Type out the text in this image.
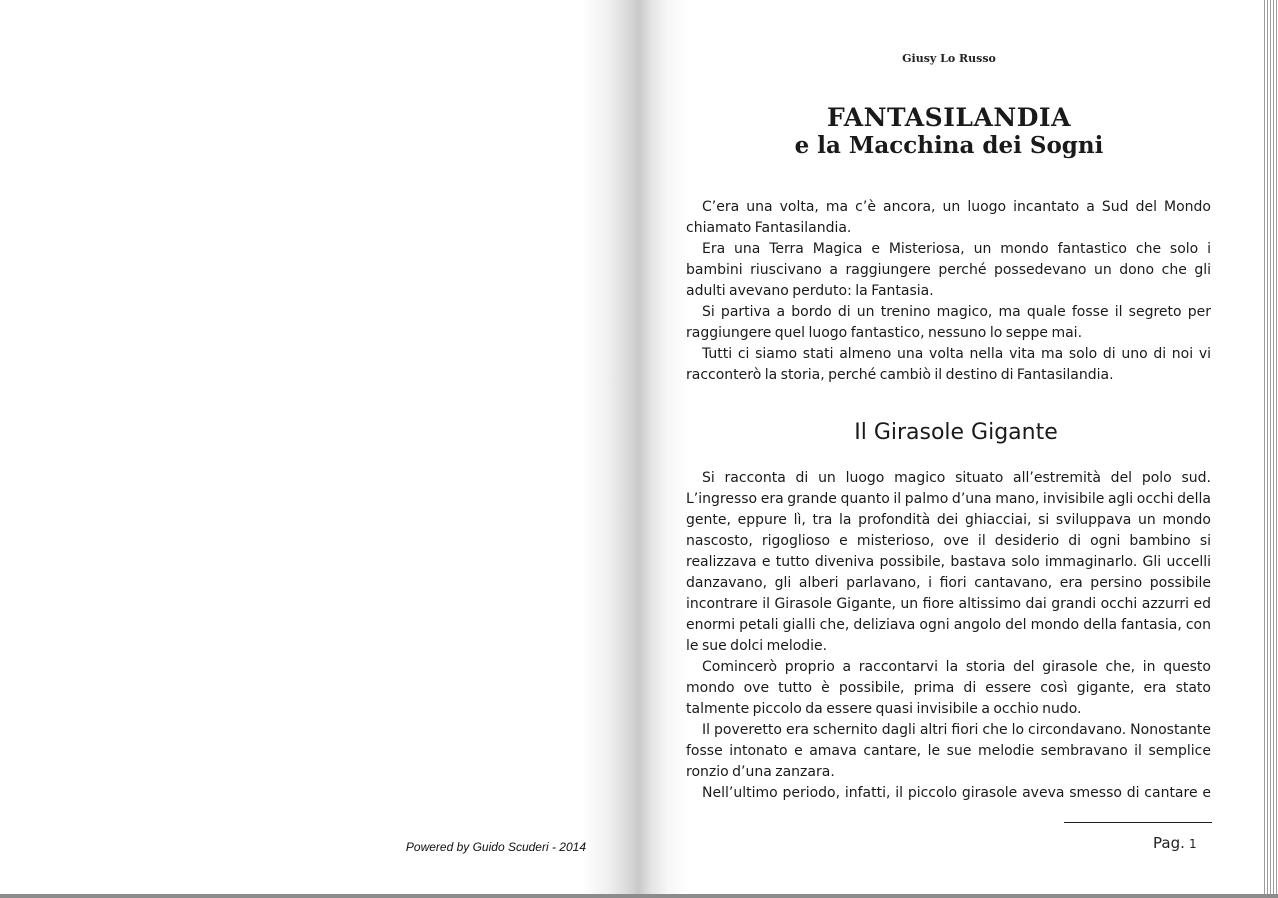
Powered by Guido Scuderi - 2014
Giusy Lo Russo
FANTASILANDIA
e la Macchina dei Sogni

C’era una volta, ma c’è ancora, un luogo incantato a Sud del Mondo chiamato Fantasilandia.

Era una Terra Magica e Misteriosa, un mondo fantastico che solo i bambini riuscivano a raggiungere perché possedevano un dono che gli adulti avevano perduto: la Fantasia.

Si partiva a bordo di un trenino magico, ma quale fosse il segreto per raggiungere quel luogo fantastico, nessuno lo seppe mai.

Tutti ci siamo stati almeno una volta nella vita ma solo di uno di noi vi racconterò la storia, perché cambiò il destino di Fantasilandia.

Il Girasole Gigante

Si racconta di un luogo magico situato all’estremità del polo sud. L’ingresso era grande quanto il palmo d’una mano, invisibile agli occhi della gente, eppure lì, tra la profondità dei ghiacciai, si sviluppava un mondo nascosto, rigoglioso e misterioso, ove il desiderio di ogni bambino si realizzava e tutto diveniva possibile, bastava solo immaginarlo. Gli uccelli danzavano, gli alberi parlavano, i fiori cantavano, era persino possibile incontrare il Girasole Gigante, un fiore altissimo dai grandi occhi azzurri ed enormi petali gialli che, deliziava ogni angolo del mondo della fantasia, con le sue dolci melodie.

Comincerò proprio a raccontarvi la storia del girasole che, in questo mondo ove tutto è possibile, prima di essere così gigante, era stato talmente piccolo da essere quasi invisibile a occhio nudo.

Il poveretto era schernito dagli altri fiori che lo circondavano. Nonostante fosse intonato e amava cantare, le sue melodie sembravano il semplice ronzio d’una zanzara.

Nell’ultimo periodo, infatti, il piccolo girasole aveva smesso di cantare e

Pag. 1
